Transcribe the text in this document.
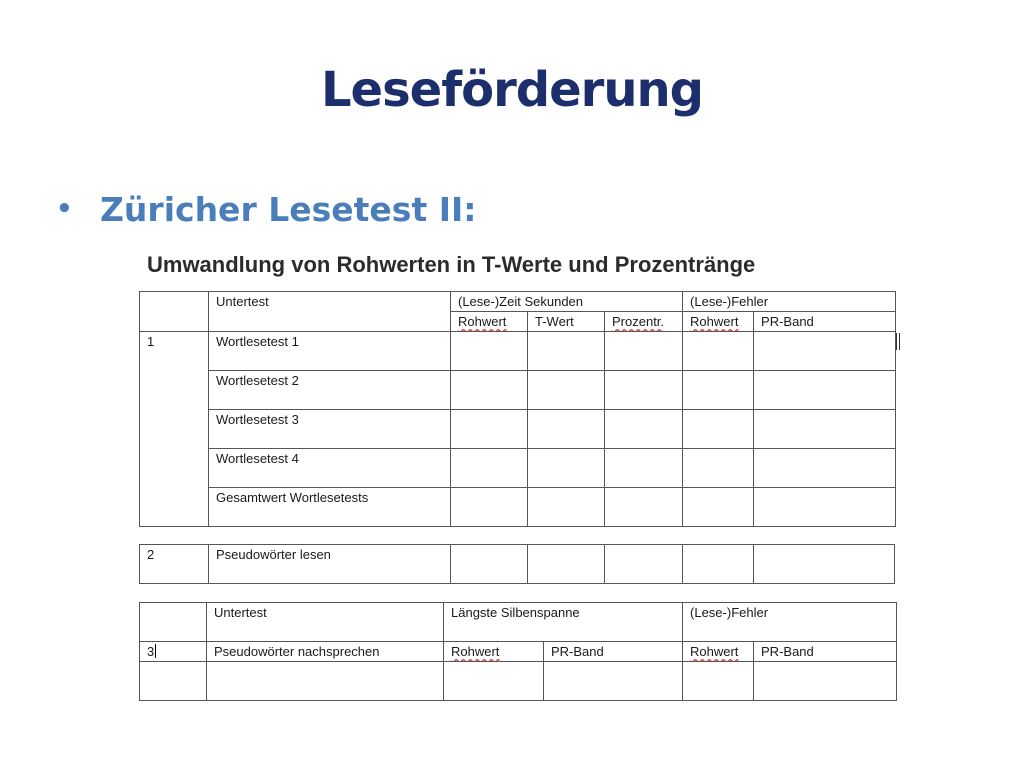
Leseförderung
• Züricher Lesetest II:
Umwandlung von Rohwerten in T-Werte und Prozentränge
	Untertest	(Lese-)Zeit Sekunden			(Lese-)Fehler	
		Rohwert	T-Wert	Prozentr.	Rohwert	PR-Band
1	Wortlesetest 1					
	Wortlesetest 2					
	Wortlesetest 3					
	Wortlesetest 4					
	Gesamtwert Wortlesetests					
2	Pseudowörter lesen					
	Untertest	Längste Silbenspanne		(Lese-)Fehler	
3	Pseudowörter nachsprechen	Rohwert	PR-Band	Rohwert	PR-Band
